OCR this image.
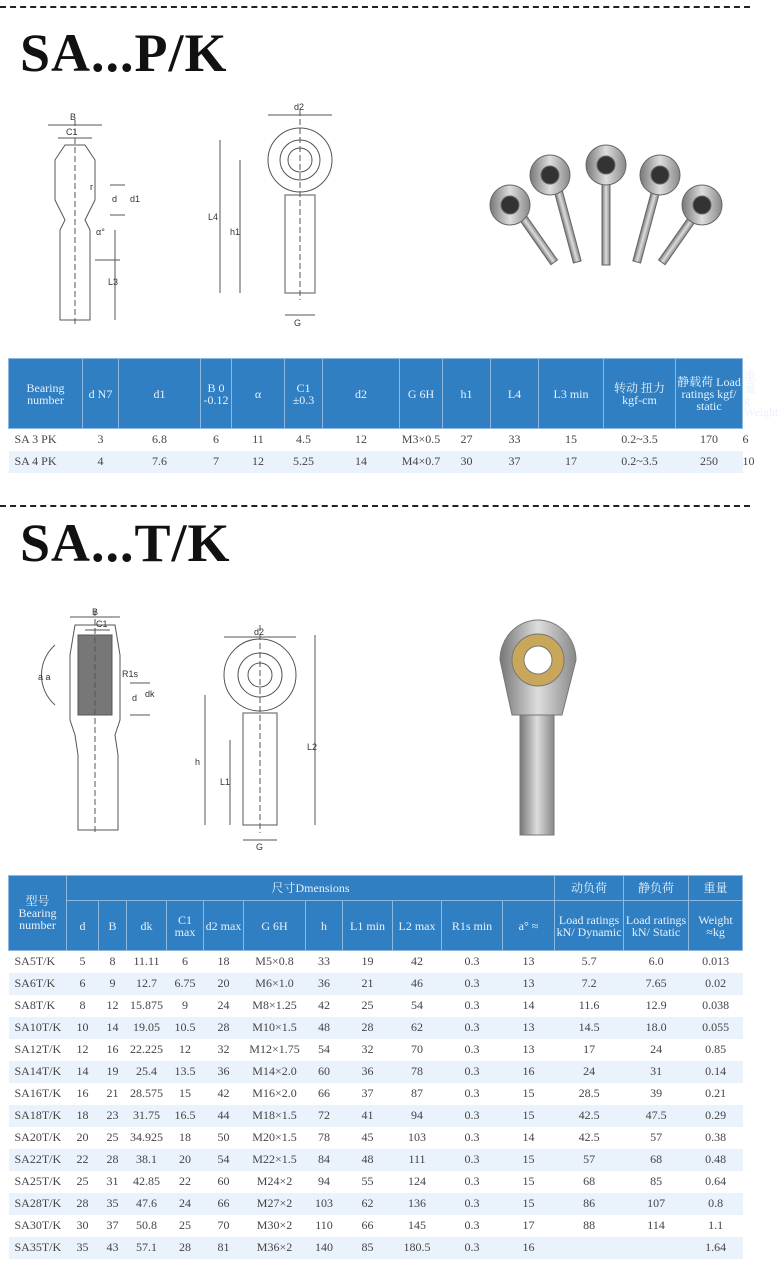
SA...P/K
B
C1
r
d d1
α°
L3
d2
L4
h1
G
Bearing number	d N7	d1	B 0 -0.12	α	C1 ±0.3	d2	G 6H	h1	L4	L3 min	转动 扭力 kgf-cm	静载荷 Load ratings kgf/ static	重量 g Weight
SA 3 PK	3	6.8	6	11	4.5	12	M3×0.5	27	33	15	0.2~3.5	170	6
SA 4 PK	4	7.6	7	12	5.25	14	M4×0.7	30	37	17	0.2~3.5	250	10
SA...T/K
B
C1
R1s
d dk
a a
d2
h
L1
L2
G
型号 Bearing number	尺寸Dmensions											动负荷	静负荷	重量
	d	B	dk	C1 max	d2 max	G 6H	h	L1 min	L2 max	R1s min	a° ≈	Load ratings kN/ Dynamic	Load ratings kN/ Static	Weight ≈kg
SA5T/K	5	8	11.11	6	18	M5×0.8	33	19	42	0.3	13	5.7	6.0	0.013
SA6T/K	6	9	12.7	6.75	20	M6×1.0	36	21	46	0.3	13	7.2	7.65	0.02
SA8T/K	8	12	15.875	9	24	M8×1.25	42	25	54	0.3	14	11.6	12.9	0.038
SA10T/K	10	14	19.05	10.5	28	M10×1.5	48	28	62	0.3	13	14.5	18.0	0.055
SA12T/K	12	16	22.225	12	32	M12×1.75	54	32	70	0.3	13	17	24	0.85
SA14T/K	14	19	25.4	13.5	36	M14×2.0	60	36	78	0.3	16	24	31	0.14
SA16T/K	16	21	28.575	15	42	M16×2.0	66	37	87	0.3	15	28.5	39	0.21
SA18T/K	18	23	31.75	16.5	44	M18×1.5	72	41	94	0.3	15	42.5	47.5	0.29
SA20T/K	20	25	34.925	18	50	M20×1.5	78	45	103	0.3	14	42.5	57	0.38
SA22T/K	22	28	38.1	20	54	M22×1.5	84	48	111	0.3	15	57	68	0.48
SA25T/K	25	31	42.85	22	60	M24×2	94	55	124	0.3	15	68	85	0.64
SA28T/K	28	35	47.6	24	66	M27×2	103	62	136	0.3	15	86	107	0.8
SA30T/K	30	37	50.8	25	70	M30×2	110	66	145	0.3	17	88	114	1.1
SA35T/K	35	43	57.1	28	81	M36×2	140	85	180.5	0.3	16			1.64
